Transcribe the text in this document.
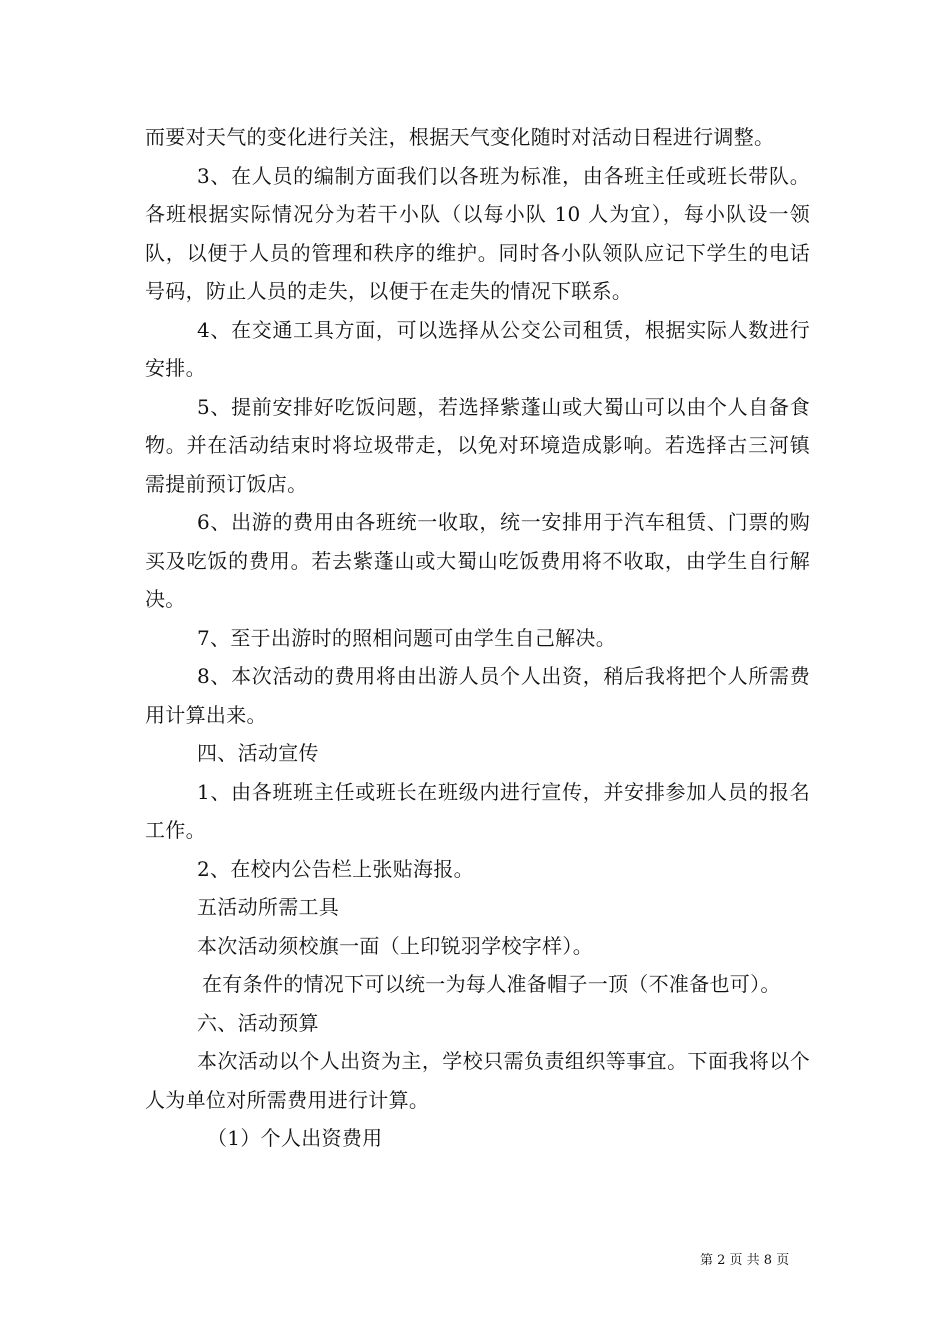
而要对天气的变化进行关注，根据天气变化随时对活动日程进行调整。

3、在人员的编制方面我们以各班为标准，由各班主任或班长带队。各班根据实际情况分为若干小队（以每小队 10 人为宜），每小队设一领队，以便于人员的管理和秩序的维护。同时各小队领队应记下学生的电话号码，防止人员的走失，以便于在走失的情况下联系。

4、在交通工具方面，可以选择从公交公司租赁，根据实际人数进行安排。

5、提前安排好吃饭问题，若选择紫蓬山或大蜀山可以由个人自备食物。并在活动结束时将垃圾带走，以免对环境造成影响。若选择古三河镇需提前预订饭店。

6、出游的费用由各班统一收取，统一安排用于汽车租赁、门票的购买及吃饭的费用。若去紫蓬山或大蜀山吃饭费用将不收取，由学生自行解决。

7、至于出游时的照相问题可由学生自己解决。

8、本次活动的费用将由出游人员个人出资，稍后我将把个人所需费用计算出来。

四、活动宣传

1、由各班班主任或班长在班级内进行宣传，并安排参加人员的报名工作。

2、在校内公告栏上张贴海报。

五活动所需工具

本次活动须校旗一面（上印锐羽学校字样）。

在有条件的情况下可以统一为每人准备帽子一顶（不准备也可）。

六、活动预算

本次活动以个人出资为主，学校只需负责组织等事宜。下面我将以个人为单位对所需费用进行计算。

（1）个人出资费用

第 2 页 共 8 页
